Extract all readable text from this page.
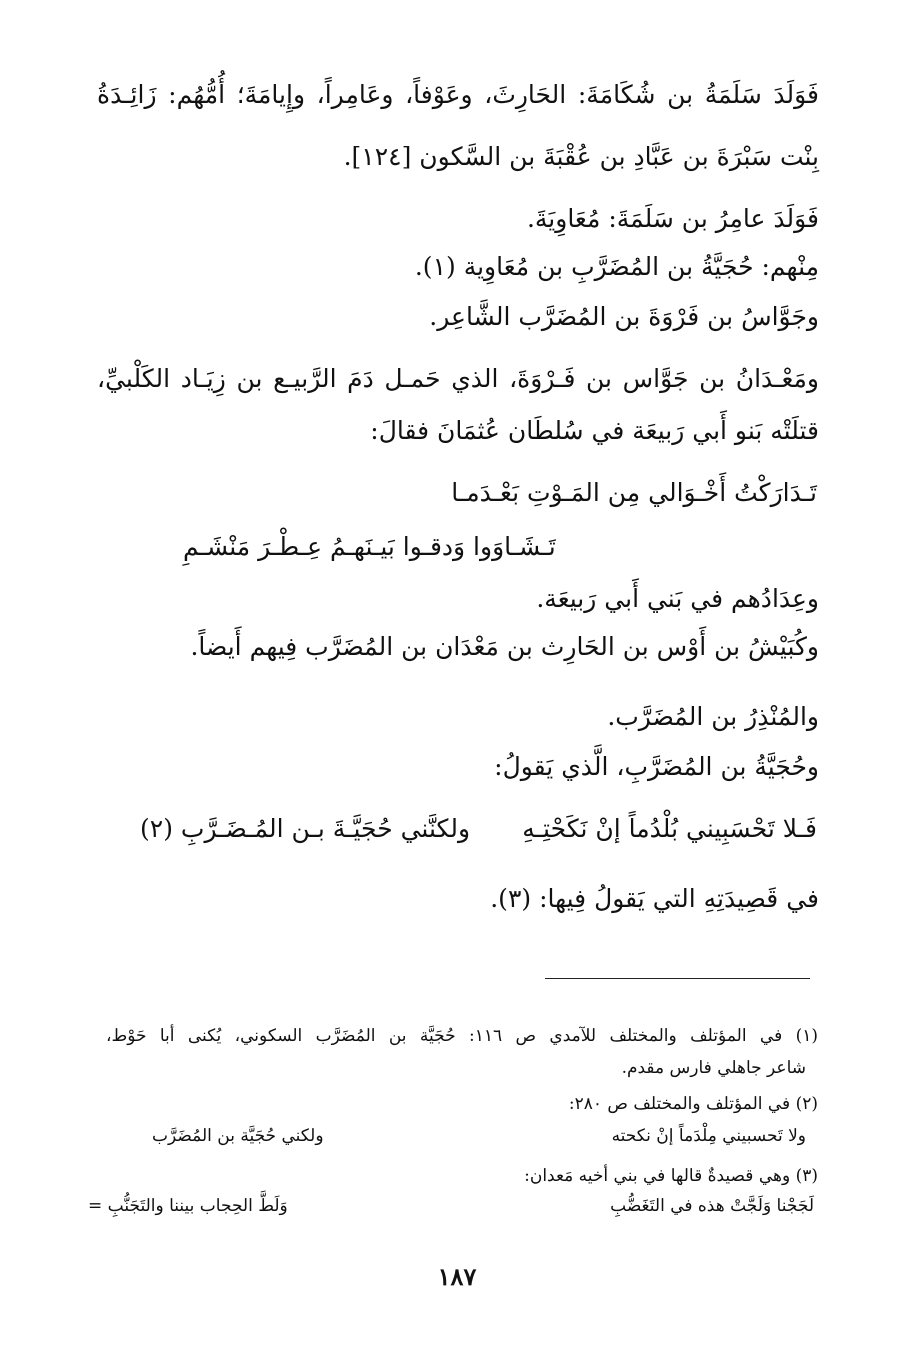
فَوَلَدَ سَلَمَةُ بن شُكَامَةَ: الحَارِثَ، وعَوْفاً، وعَامِراً، وإِيامَةَ؛ أُمُّهُم: زَائِـدَةُ
بِنْت سَبْرَةَ بن عَبَّادِ بن عُقْبَةَ بن السَّكون [١٢٤].
فَوَلَدَ عامِرُ بن سَلَمَةَ: مُعَاوِيَةَ.
مِنْهم: حُجَيَّةُ بن المُضَرَّبِ بن مُعَاوِية (١).
وجَوَّاسُ بن فَرْوَةَ بن المُضَرَّب الشَّاعِر.
ومَعْـدَانُ بن جَوَّاس بن فَـرْوَةَ، الذي حَمـل دَمَ الرَّبيـع بن زِيَـاد الكَلْبيِّ،
قتلَتْه بَنو أَبي رَبيعَة في سُلطَان عُثمَانَ فقالَ:
تَـدَارَكْتُ أَخْـوَالي مِن المَـوْتِ بَعْـدَمـا
تَـشَـاوَوا وَدقـوا بَيـنَهـمُ عِـطْـرَ مَنْشَـمِ
وعِدَادُهم في بَني أَبي رَبيعَة.
وكُبَيْشُ بن أَوْس بن الحَارِث بن مَعْدَان بن المُضَرَّب فِيهم أَيضاً.
والمُنْذِرُ بن المُضَرَّب.
وحُجَيَّةُ بن المُضَرَّبِ، الَّذي يَقولُ:
فَـلا تَحْسَبِيني بُلْدُماً إنْ نَكَحْتِـهِ
ولكنَّني حُجَيَّـةَ بـن المُـضَـرَّبِ (٢)
في قَصِيدَتِهِ التي يَقولُ فِيها: (٣).
(١) في المؤتلف والمختلف للآمدي ص ١١٦: حُجَيَّة بن المُضَرَّب السكوني، يُكنى أبا حَوْط،
شاعر جاهلي فارس مقدم.
(٢) في المؤتلف والمختلف ص ٢٨٠:
ولا تَحسبيني مِلْدَماً إنْ نكحته
ولكني حُجَيَّة بن المُضَرَّب
(٣) وهي قصيدةٌ قالها في بني أخيه مَعدان:
لَجَجْنا وَلَجَّتْ هذه في التَغَضُّبِ
وَلَطَّ الحِجاب بيننا والتَجَنُّبِ =
١٨٧
